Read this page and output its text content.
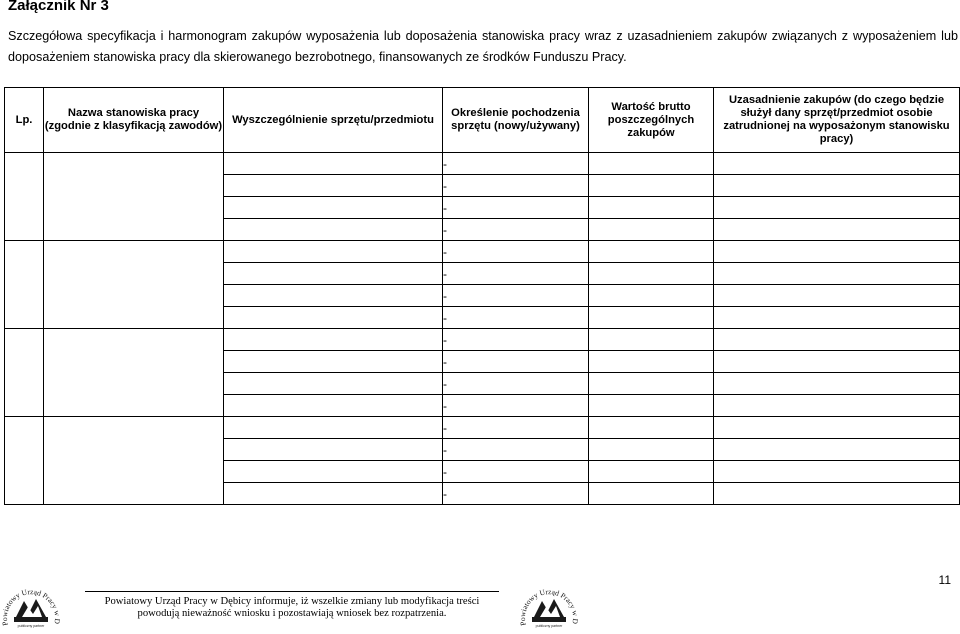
Załącznik Nr 3
Szczegółowa specyfikacja i harmonogram zakupów wyposażenia lub doposażenia stanowiska pracy wraz z uzasadnieniem zakupów związanych z wyposażeniem lub doposażeniem stanowiska pracy dla skierowanego bezrobotnego, finansowanych ze środków Funduszu Pracy.
Lp.	Nazwa stanowiska pracy (zgodnie z klasyfikacją zawodów)	Wyszczególnienie sprzętu/przedmiotu	Określenie pochodzenia sprzętu (nowy/używany)	Wartość brutto poszczególnych zakupów	Uzasadnienie zakupów (do czego będzie służył dany sprzęt/przedmiot osobie zatrudnionej na wyposażonym stanowisku pracy)
			-		
			-		
			-		
			-		
			-		
			-		
			-		
			-		
			-		
			-		
			-		
			-		
			-		
			-		
			-		
			-		
11
Powiatowy Urząd Pracy w Dębicy informuje, iż wszelkie zmiany lub modyfikacja treści powodują nieważność wniosku i pozostawiają wniosek bez rozpatrzenia.
Powiatowy Urząd Pracy w D
publiczny partner	Powiatowy Urząd Pracy w D
publiczny partner
